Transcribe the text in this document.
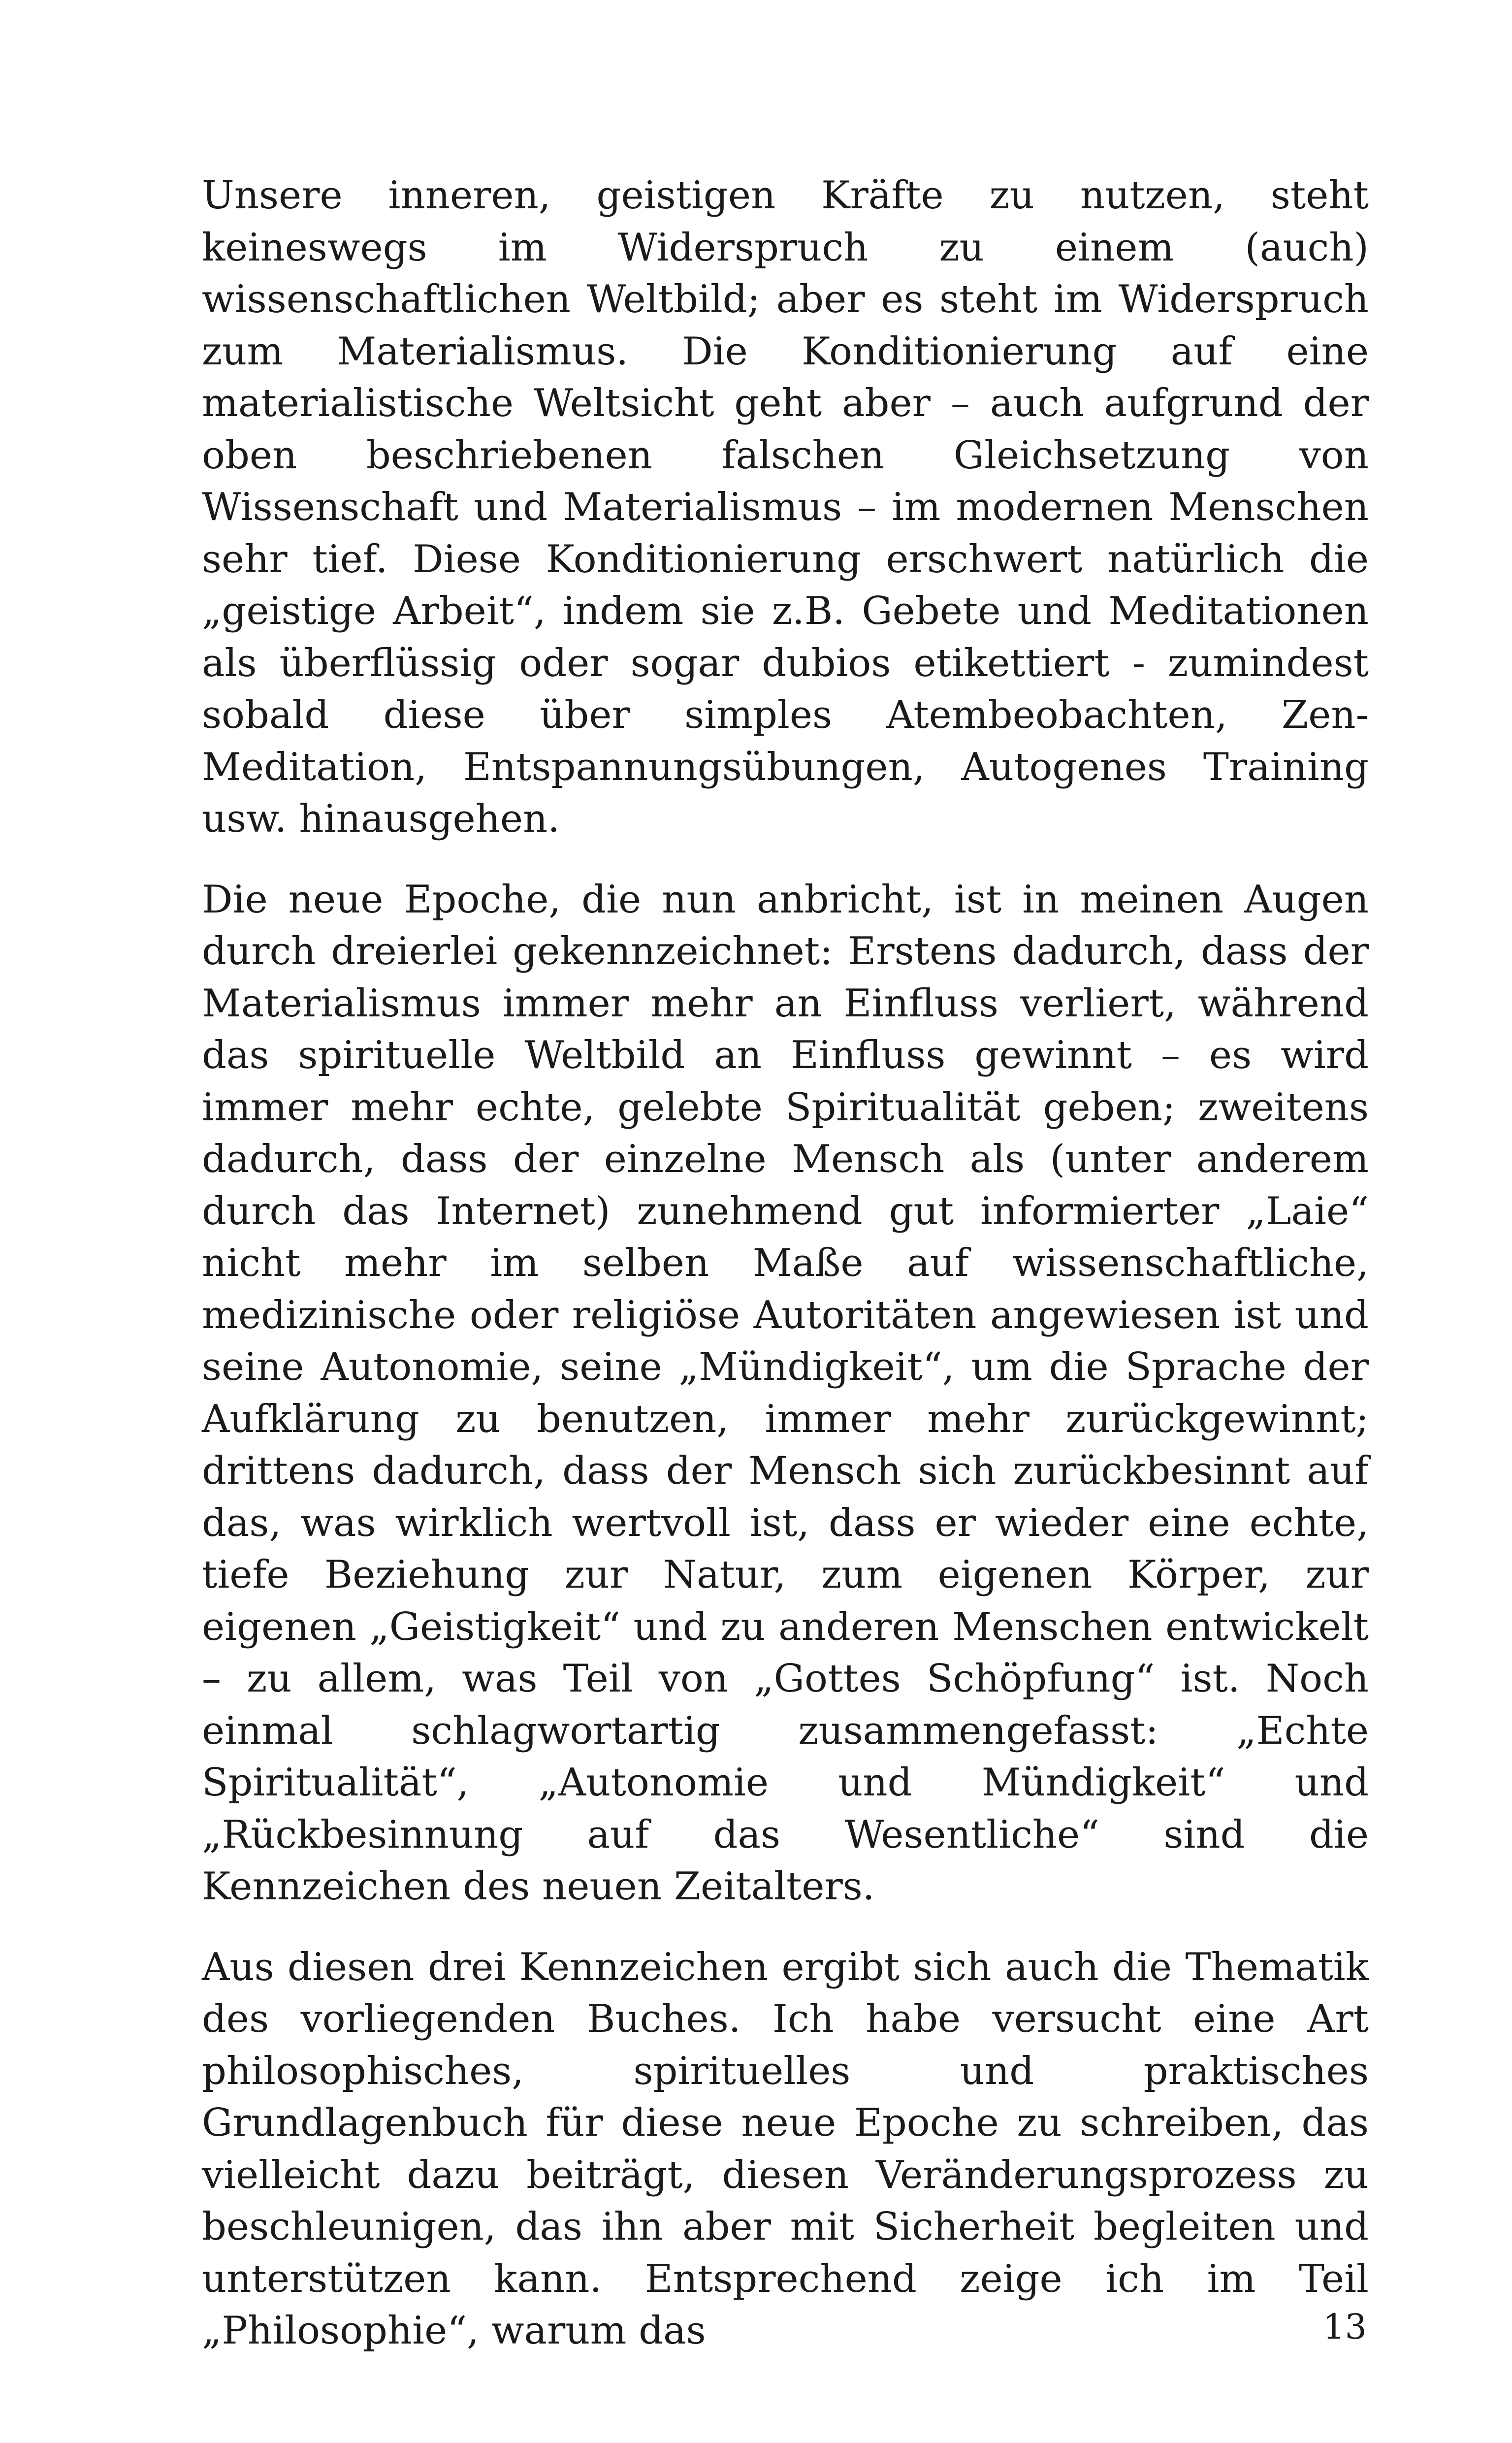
Unsere inneren, geistigen Kräfte zu nutzen, steht keineswegs im Widerspruch zu einem (auch) wissenschaftlichen Weltbild; aber es steht im Widerspruch zum Materialismus. Die Konditionierung auf eine materialistische Weltsicht geht aber – auch aufgrund der oben beschriebenen falschen Gleichsetzung von Wissenschaft und Materialismus – im modernen Menschen sehr tief. Diese Konditionierung erschwert natürlich die „geistige Arbeit“, indem sie z.B. Gebete und Meditationen als überflüssig oder sogar dubios etikettiert - zumindest sobald diese über simples Atembeobachten, Zen-Meditation, Entspannungsübungen, Autogenes Training usw. hinausgehen.

Die neue Epoche, die nun anbricht, ist in meinen Augen durch dreierlei gekennzeichnet: Erstens dadurch, dass der Materialismus immer mehr an Einfluss verliert, während das spirituelle Weltbild an Einfluss gewinnt – es wird immer mehr echte, gelebte Spiritualität geben; zweitens dadurch, dass der einzelne Mensch als (unter anderem durch das Internet) zunehmend gut informierter „Laie“ nicht mehr im selben Maße auf wissenschaftliche, medizinische oder religiöse Autoritäten angewiesen ist und seine Autonomie, seine „Mündigkeit“, um die Sprache der Aufklärung zu benutzen, immer mehr zurückgewinnt; drittens dadurch, dass der Mensch sich zurückbesinnt auf das, was wirklich wertvoll ist, dass er wieder eine echte, tiefe Beziehung zur Natur, zum eigenen Körper, zur eigenen „Geistigkeit“ und zu anderen Menschen entwickelt – zu allem, was Teil von „Gottes Schöpfung“ ist. Noch einmal schlagwortartig zusammengefasst: „Echte Spiritualität“, „Autonomie und Mündigkeit“ und „Rückbesinnung auf das Wesentliche“ sind die Kennzeichen des neuen Zeitalters.

Aus diesen drei Kennzeichen ergibt sich auch die Thematik des vorliegenden Buches. Ich habe versucht eine Art philosophisches, spirituelles und praktisches Grundlagenbuch für diese neue Epoche zu schreiben, das vielleicht dazu beiträgt, diesen Veränderungsprozess zu beschleunigen, das ihn aber mit Sicherheit begleiten und unterstützen kann. Entsprechend zeige ich im Teil „Philosophie“, warum das	13
